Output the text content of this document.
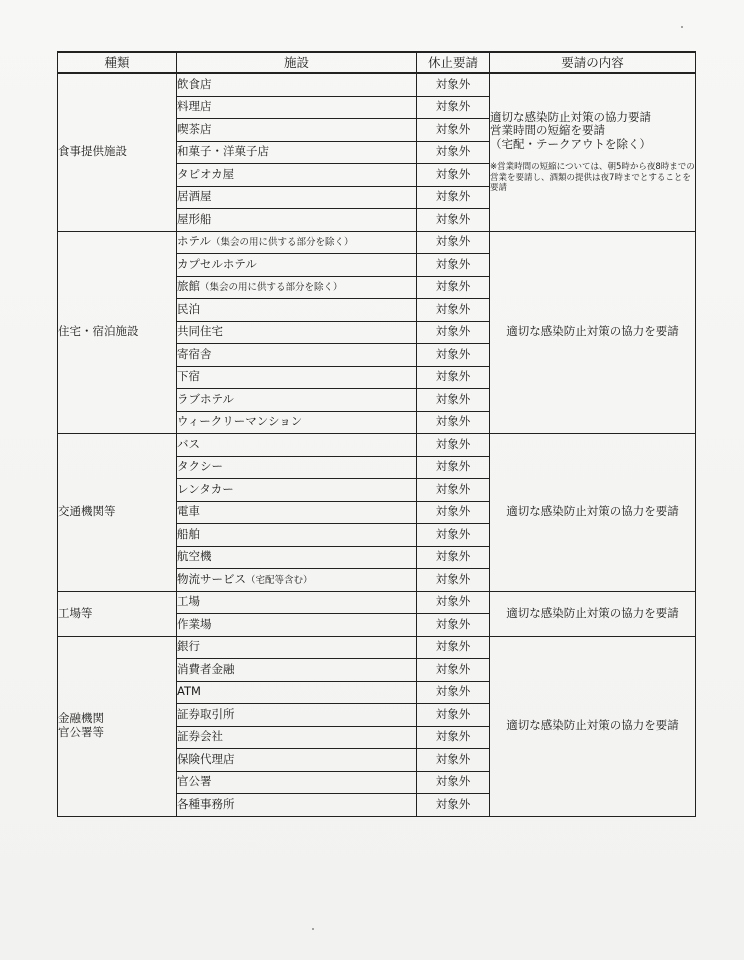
種類	施設	休止要請	要請の内容
食事提供施設	飲食店	対象外	適切な感染防止対策の協力要請
営業時間の短縮を要請
（宅配・テークアウトを除く）
※営業時間の短縮については、朝5時から夜8時までの営業を要請し、酒類の提供は夜7時までとすることを要請

	料理店	対象外	
	喫茶店	対象外	
	和菓子・洋菓子店	対象外	
	タピオカ屋	対象外	
	居酒屋	対象外	
	屋形船	対象外	
住宅・宿泊施設	ホテル（集会の用に供する部分を除く）	対象外	適切な感染防止対策の協力を要請

	カプセルホテル	対象外	
	旅館（集会の用に供する部分を除く）	対象外	
	民泊	対象外	
	共同住宅	対象外	
	寄宿舎	対象外	
	下宿	対象外	
	ラブホテル	対象外	
	ウィークリーマンション	対象外	
交通機関等	バス	対象外	適切な感染防止対策の協力を要請

	タクシー	対象外	
	レンタカー	対象外	
	電車	対象外	
	船舶	対象外	
	航空機	対象外	
	物流サービス（宅配等含む）	対象外	
工場等	工場	対象外	適切な感染防止対策の協力を要請

	作業場	対象外	
金融機関
官公署等	銀行	対象外	適切な感染防止対策の協力を要請

	消費者金融	対象外	
	ATM	対象外	
	証券取引所	対象外	
	証券会社	対象外	
	保険代理店	対象外	
	官公署	対象外	
	各種事務所	対象外	
